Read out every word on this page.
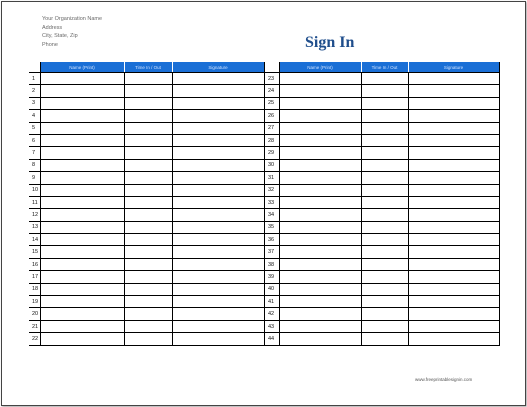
Your Organization Name
Address
City, State, Zip
Phone	Sign In
	Name (Print)	Time In / Out	Signature
1			
2			
3			
4			
5			
6			
7			
8			
9			
10			
11			
12			
13			
14			
15			
16			
17			
18			
19			
20			
21			
22			
	Name (Print)	Time In / Out	Signature
23			
24			
25			
26			
27			
28			
29			
30			
31			
32			
33			
34			
35			
36			
37			
38			
39			
40			
41			
42			
43			
44			
www.freeprintablesignin.com
